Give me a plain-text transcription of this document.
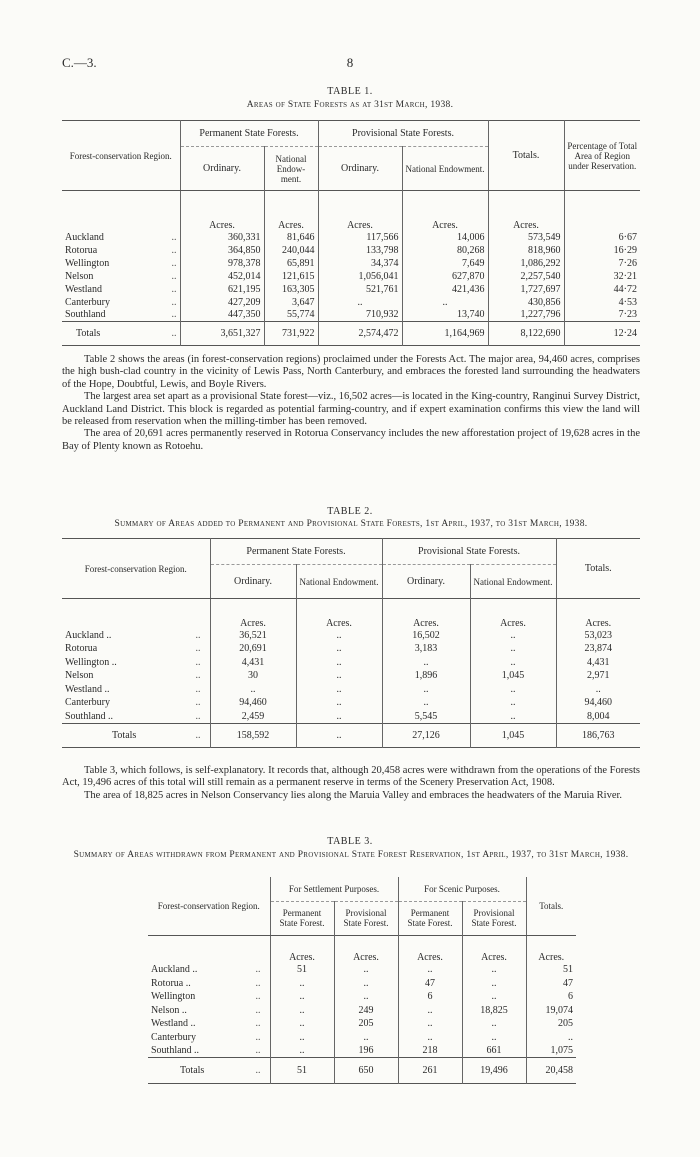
C.—3.	8
TABLE 1.
Areas of State Forests as at 31st March, 1938.
Forest-conservation Region.	Permanent State Forests.		Provisional State Forests.		Totals.	Percentage of Total Area of Region under Reservation.
	Ordinary.	National Endow-ment.	Ordinary.	National Endowment.		
	Acres.	Acres.	Acres.	Acres.	Acres.	
Auckland ..	360,331	81,646	117,566	14,006	573,549	6·67
Rotorua ..	364,850	240,044	133,798	80,268	818,960	16·29
Wellington ..	978,378	65,891	34,374	7,649	1,086,292	7·26
Nelson ..	452,014	121,615	1,056,041	627,870	2,257,540	32·21
Westland ..	621,195	163,305	521,761	421,436	1,727,697	44·72
Canterbury ..	427,209	3,647	..	..	430,856	4·53
Southland ..	447,350	55,774	710,932	13,740	1,227,796	7·23
Totals ..	3,651,327	731,922	2,574,472	1,164,969	8,122,690	12·24

Table 2 shows the areas (in forest-conservation regions) proclaimed under the Forests Act. The major area, 94,460 acres, comprises the high bush-clad country in the vicinity of Lewis Pass, North Canterbury, and embraces the forested land surrounding the headwaters of the Hope, Doubtful, Lewis, and Boyle Rivers.

The largest area set apart as a provisional State forest—viz., 16,502 acres—is located in the King-country, Ranginui Survey District, Auckland Land District. This block is regarded as potential farming-country, and if expert examination confirms this view the land will be released from reservation when the milling-timber has been removed.

The area of 20,691 acres permanently reserved in Rotorua Conservancy includes the new afforestation project of 19,628 acres in the Bay of Plenty known as Rotoehu.

TABLE 2.
Summary of Areas added to Permanent and Provisional State Forests, 1st April, 1937, to 31st March, 1938.
Forest-conservation Region.	Permanent State Forests.		Provisional State Forests.		Totals.
	Ordinary.	National Endowment.	Ordinary.	National Endowment.	
	Acres.	Acres.	Acres.	Acres.	Acres.
Auckland .. ..	36,521	..	16,502	..	53,023
Rotorua ..	20,691	..	3,183	..	23,874
Wellington .. ..	4,431	..	..	..	4,431
Nelson ..	30	..	1,896	1,045	2,971
Westland .. ..	..	..	..	..	..
Canterbury ..	94,460	..	..	..	94,460
Southland .. ..	2,459	..	5,545	..	8,004
Totals ..	158,592	..	27,126	1,045	186,763

Table 3, which follows, is self-explanatory. It records that, although 20,458 acres were withdrawn from the operations of the Forests Act, 19,496 acres of this total will still remain as a permanent reserve in terms of the Scenery Preservation Act, 1908.

The area of 18,825 acres in Nelson Conservancy lies along the Maruia Valley and embraces the headwaters of the Maruia River.

TABLE 3.
Summary of Areas withdrawn from Permanent and Provisional State Forest Reservation, 1st April, 1937, to 31st March, 1938.
Forest-conservation Region.	For Settlement Purposes.		For Scenic Purposes.		Totals.
	Permanent State Forest.	Provisional State Forest.	Permanent State Forest.	Provisional State Forest.	
	Acres.	Acres.	Acres.	Acres.	Acres.
Auckland .. ..	51	..	..	..	51
Rotorua .. ..	..	..	47	..	47
Wellington ..	..	..	6	..	6
Nelson .. ..	..	249	..	18,825	19,074
Westland .. ..	..	205	..	..	205
Canterbury ..	..	..	..	..	..
Southland .. ..	..	196	218	661	1,075
Totals ..	51	650	261	19,496	20,458
